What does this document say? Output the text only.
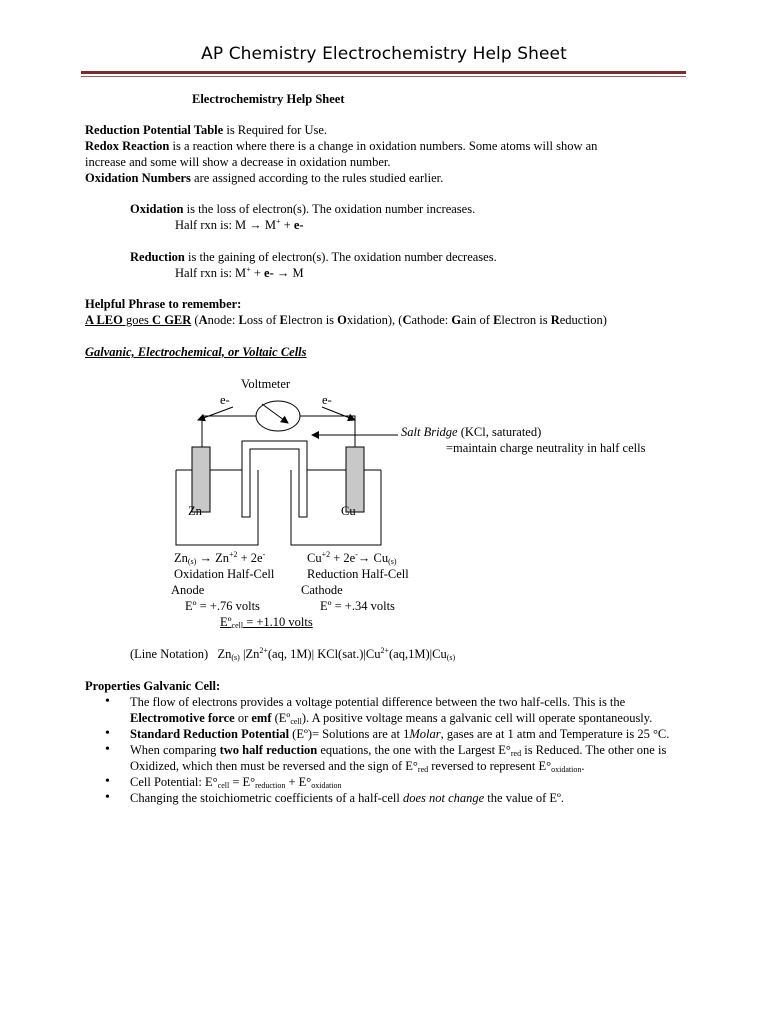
AP Chemistry Electrochemistry Help Sheet
Electrochemistry Help Sheet
Reduction Potential Table is Required for Use.
Redox Reaction is a reaction where there is a change in oxidation numbers. Some atoms will show an
increase and some will show a decrease in oxidation number.
Oxidation Numbers are assigned according to the rules studied earlier.
Oxidation is the loss of electron(s). The oxidation number increases.
Half rxn is: M → M+ + e-
Reduction is the gaining of electron(s). The oxidation number decreases.
Half rxn is: M+ + e- → M
Helpful Phrase to remember:
A LEO goes C GER (Anode: Loss of Electron is Oxidation), (Cathode: Gain of Electron is Reduction)
Galvanic, Electrochemical, or Voltaic Cells
Voltmeter
e-	e-
Salt Bridge (KCl, saturated)
=maintain charge neutrality in half cells
Zn	Cu
$Zn_{(s)} \to Zn^{+2} + 2e^-$
Oxidation Half-Cell
Anode
Eº = +.76 volts
$Cu^{+2} + 2e^-\to Cu_{(s)}$
Reduction Half-Cell
Cathode
Eº = +.34 volts
Eº$_{cell}$ = +1.10 volts
(Line Notation) $Zn_{(s)}$ $|Zn^{2+}(aq$, 1M)| $KCl(sat.)|Cu^{2+}(aq,1M)|Cu_{(s)}$
Properties Galvanic Cell:
• The flow of electrons provides a voltage potential difference between the two half-cells. This is the Electromotive force or emf (Eº$_{cell}$). A positive voltage means a galvanic cell will operate spontaneously.
• Standard Reduction Potential (Eº)= Solutions are at 1Molar, gases are at 1 atm and Temperature is 25 °C.
• When comparing two half reduction equations, the one with the Largest $E^\circ_{red}$ is Reduced. The other one is Oxidized, which then must be reversed and the sign of $E^\circ_{red}$ reversed to represent $E^\circ_{oxidation}$.
• Cell Potential: $E^\circ_{cell} = E^\circ_{reduction} + E^\circ_{oxidation}$
• Changing the stoichiometric coefficients of a half-cell does not change the value of Eº.
